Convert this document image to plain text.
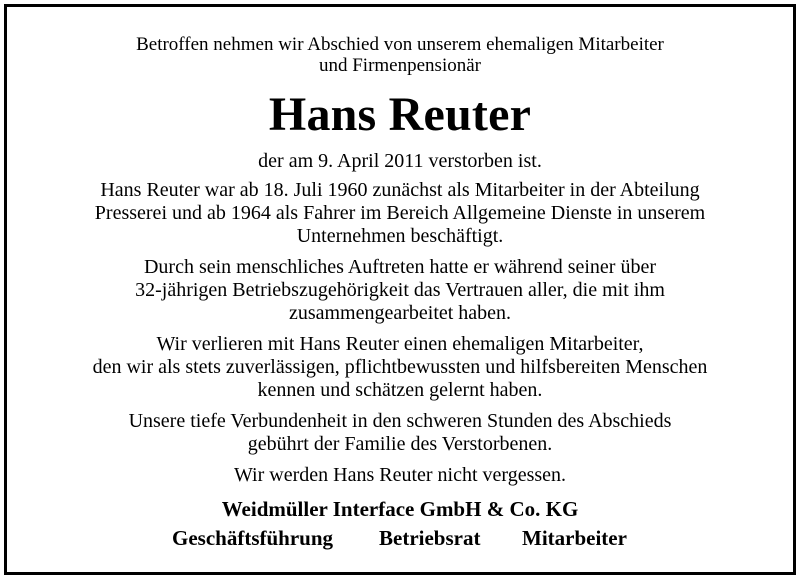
Betroffen nehmen wir Abschied von unserem ehemaligen Mitarbeiter
und Firmenpensionär
Hans Reuter
der am 9. April 2011 verstorben ist.
Hans Reuter war ab 18. Juli 1960 zunächst als Mitarbeiter in der Abteilung
Presserei und ab 1964 als Fahrer im Bereich Allgemeine Dienste in unserem
Unternehmen beschäftigt.
Durch sein menschliches Auftreten hatte er während seiner über
32-jährigen Betriebszugehörigkeit das Vertrauen aller, die mit ihm
zusammengearbeitet haben.
Wir verlieren mit Hans Reuter einen ehemaligen Mitarbeiter,
den wir als stets zuverlässigen, pflichtbewussten und hilfsbereiten Menschen
kennen und schätzen gelernt haben.
Unsere tiefe Verbundenheit in den schweren Stunden des Abschieds
gebührt der Familie des Verstorbenen.
Wir werden Hans Reuter nicht vergessen.
Weidmüller Interface GmbH & Co. KG
Geschäftsführung Betriebsrat Mitarbeiter
